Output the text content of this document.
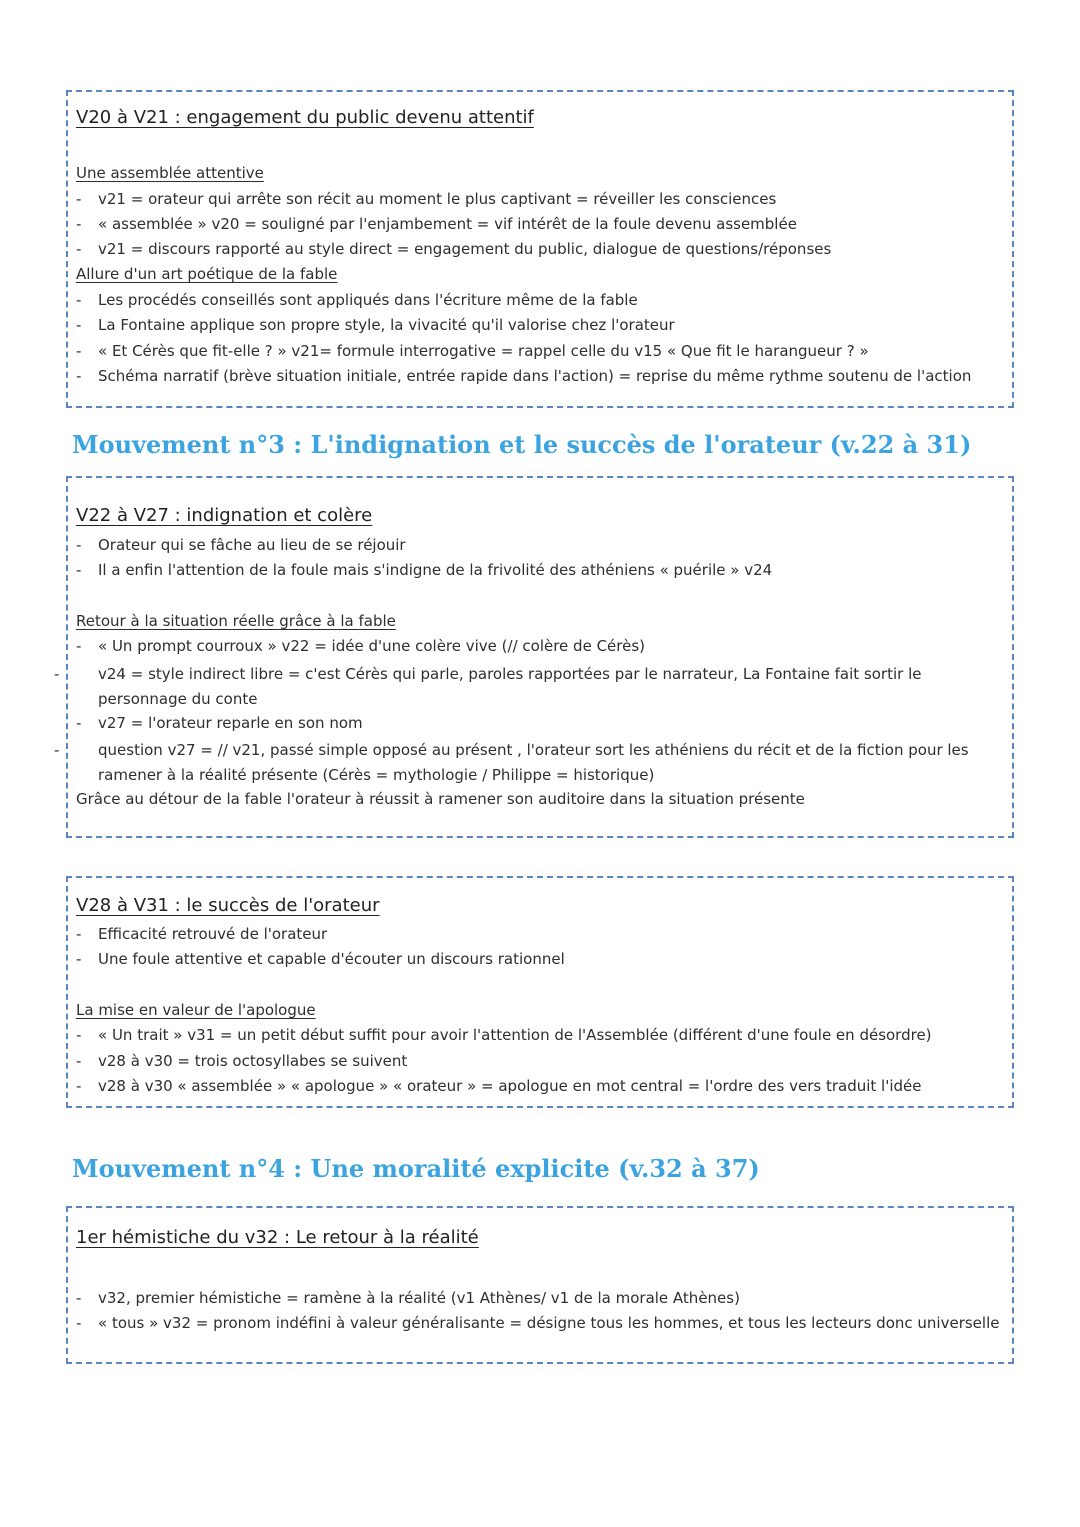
V20 à V21 : engagement du public devenu attentif
Une assemblée attentive
- v21 = orateur qui arrête son récit au moment le plus captivant = réveiller les consciences
- « assemblée » v20 = souligné par l'enjambement = vif intérêt de la foule devenu assemblée
- v21 = discours rapporté au style direct = engagement du public, dialogue de questions/réponses
Allure d'un art poétique de la fable
- Les procédés conseillés sont appliqués dans l'écriture même de la fable
- La Fontaine applique son propre style, la vivacité qu'il valorise chez l'orateur
- « Et Cérès que fit-elle ? » v21= formule interrogative = rappel celle du v15 « Que fit le harangueur ? »
- Schéma narratif (brève situation initiale, entrée rapide dans l'action) = reprise du même rythme soutenu de l'action
Mouvement n°3 : L'indignation et le succès de l'orateur (v.22 à 31)
V22 à V27 : indignation et colère
- Orateur qui se fâche au lieu de se réjouir
- Il a enfin l'attention de la foule mais s'indigne de la frivolité des athéniens « puérile » v24
Retour à la situation réelle grâce à la fable
- « Un prompt courroux » v22 = idée d'une colère vive (// colère de Cérès)
-	v24 = style indirect libre = c'est Cérès qui parle, paroles rapportées par le narrateur, La Fontaine fait sortir le personnage du conte
- v27 = l'orateur reparle en son nom
-	question v27 = // v21, passé simple opposé au présent , l'orateur sort les athéniens du récit et de la fiction pour les ramener à la réalité présente (Cérès = mythologie / Philippe = historique)
Grâce au détour de la fable l'orateur à réussit à ramener son auditoire dans la situation présente
V28 à V31 : le succès de l'orateur
- Efficacité retrouvé de l'orateur
- Une foule attentive et capable d'écouter un discours rationnel
La mise en valeur de l'apologue
- « Un trait » v31 = un petit début suffit pour avoir l'attention de l'Assemblée (différent d'une foule en désordre)
- v28 à v30 = trois octosyllabes se suivent
- v28 à v30 « assemblée » « apologue » « orateur » = apologue en mot central = l'ordre des vers traduit l'idée
Mouvement n°4 : Une moralité explicite (v.32 à 37)
1er hémistiche du v32 : Le retour à la réalité
- v32, premier hémistiche = ramène à la réalité (v1 Athènes/ v1 de la morale Athènes)
- « tous » v32 = pronom indéfini à valeur généralisante = désigne tous les hommes, et tous les lecteurs donc universelle
